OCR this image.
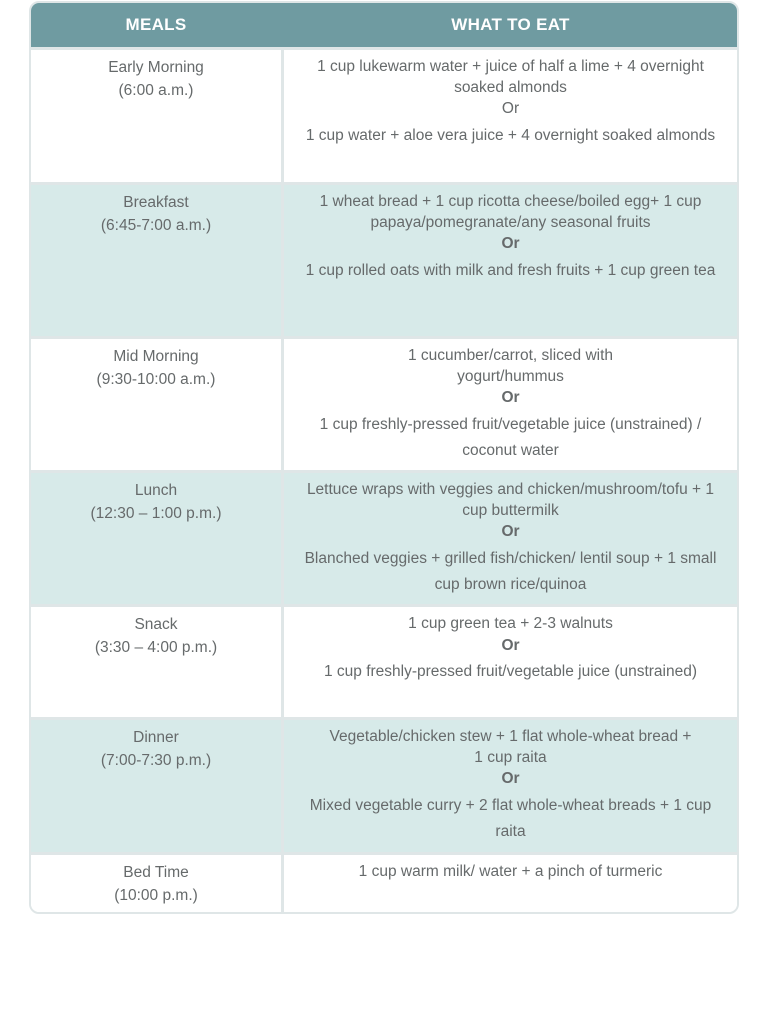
MEALS	WHAT TO EAT
Early Morning
(6:00 a.m.)
1 cup lukewarm water + juice of half a lime + 4 overnight soaked almonds
Or
1 cup water + aloe vera juice + 4 overnight soaked almonds
Breakfast
(6:45-7:00 a.m.)
1 wheat bread + 1 cup ricotta cheese/boiled egg+ 1 cup papaya/pomegranate/any seasonal fruits
Or
1 cup rolled oats with milk and fresh fruits + 1 cup green tea
Mid Morning
(9:30-10:00 a.m.)
1 cucumber/carrot, sliced with yogurt/hummus
Or
1 cup freshly-pressed fruit/vegetable juice (unstrained) / coconut water
Lunch
(12:30 – 1:00 p.m.)
Lettuce wraps with veggies and chicken/mushroom/tofu + 1 cup buttermilk
Or
Blanched veggies + grilled fish/chicken/ lentil soup + 1 small cup brown rice/quinoa
Snack
(3:30 – 4:00 p.m.)
1 cup green tea + 2-3 walnuts
Or
1 cup freshly-pressed fruit/vegetable juice (unstrained)
Dinner
(7:00-7:30 p.m.)
Vegetable/chicken stew + 1 flat whole-wheat bread + 1 cup raita
Or
Mixed vegetable curry + 2 flat whole-wheat breads + 1 cup raita
Bed Time
(10:00 p.m.)
1 cup warm milk/ water + a pinch of turmeric
